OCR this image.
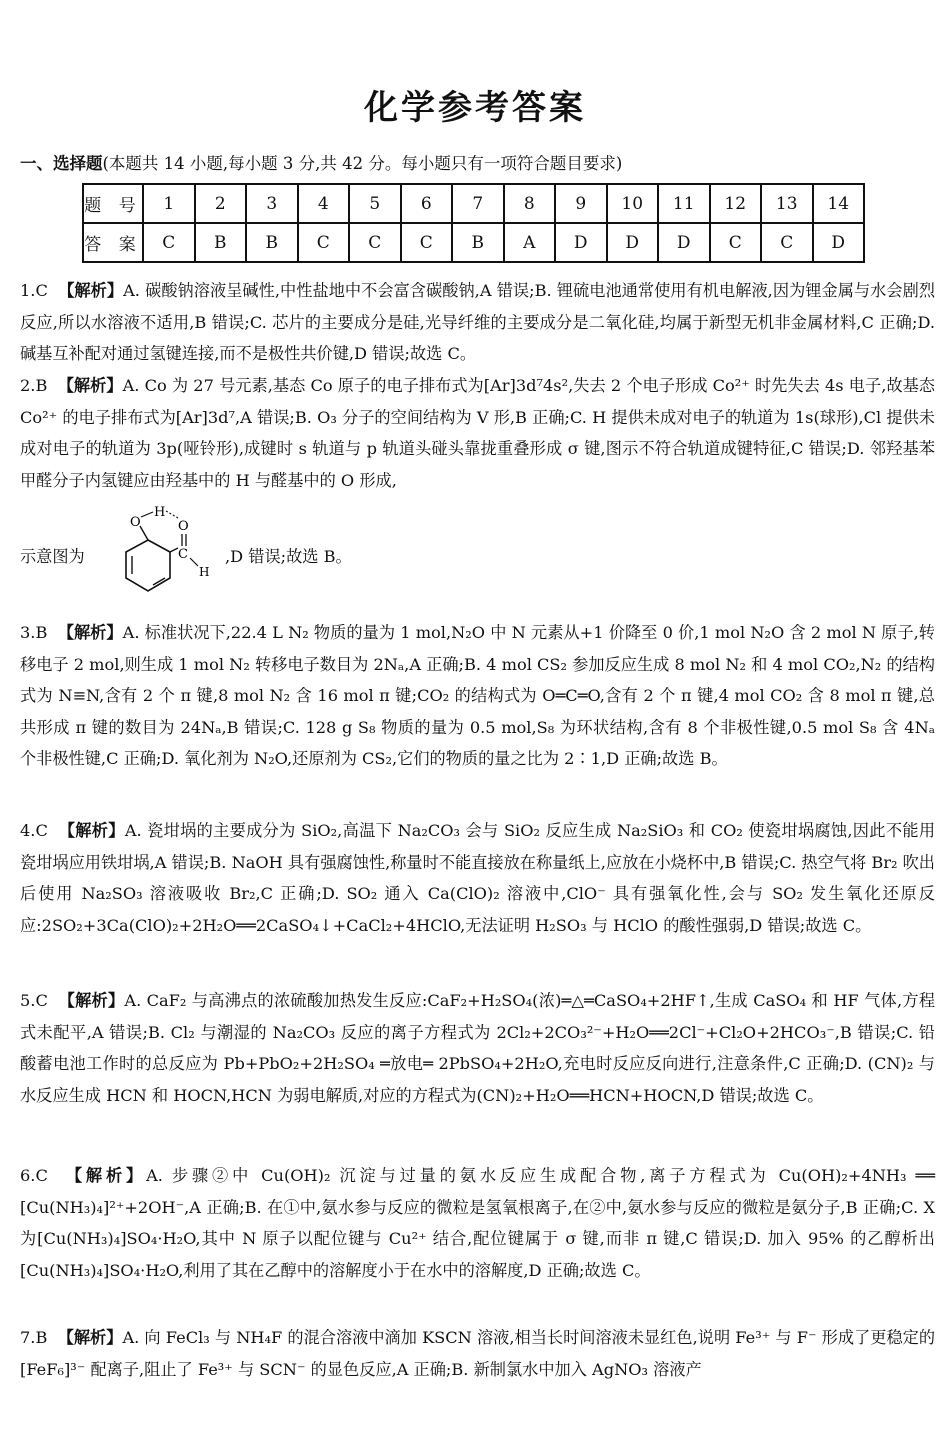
化学参考答案
一、选择题(本题共 14 小题,每小题 3 分,共 42 分。每小题只有一项符合题目要求)
题 号	1	2	3	4	5	6	7	8	9	10	11	12	13	14
答 案	C	B	B	C	C	C	B	A	D	D	D	C	C	D
1.C 【解析】A. 碳酸钠溶液呈碱性,中性盐地中不会富含碳酸钠,A 错误;B. 锂硫电池通常使用有机电解液,因为锂金属与水会剧烈反应,所以水溶液不适用,B 错误;C. 芯片的主要成分是硅,光导纤维的主要成分是二氧化硅,均属于新型无机非金属材料,C 正确;D. 碱基互补配对通过氢键连接,而不是极性共价键,D 错误;故选 C。
2.B 【解析】A. Co 为 27 号元素,基态 Co 原子的电子排布式为[Ar]3d⁷4s²,失去 2 个电子形成 Co²⁺ 时先失去 4s 电子,故基态 Co²⁺ 的电子排布式为[Ar]3d⁷,A 错误;B. O₃ 分子的空间结构为 V 形,B 正确;C. H 提供未成对电子的轨道为 1s(球形),Cl 提供未成对电子的轨道为 3p(哑铃形),成键时 s 轨道与 p 轨道头碰头靠拢重叠形成 σ 键,图示不符合轨道成键特征,C 错误;D. 邻羟基苯甲醛分子内氢键应由羟基中的 H 与醛基中的 O 形成,
示意图为
O
H
O
C
H
,D 错误;故选 B。
3.B 【解析】A. 标准状况下,22.4 L N₂ 物质的量为 1 mol,N₂O 中 N 元素从+1 价降至 0 价,1 mol N₂O 含 2 mol N 原子,转移电子 2 mol,则生成 1 mol N₂ 转移电子数目为 2Nₐ,A 正确;B. 4 mol CS₂ 参加反应生成 8 mol N₂ 和 4 mol CO₂,N₂ 的结构式为 N≡N,含有 2 个 π 键,8 mol N₂ 含 16 mol π 键;CO₂ 的结构式为 O═C═O,含有 2 个 π 键,4 mol CO₂ 含 8 mol π 键,总共形成 π 键的数目为 24Nₐ,B 错误;C. 128 g S₈ 物质的量为 0.5 mol,S₈ 为环状结构,含有 8 个非极性键,0.5 mol S₈ 含 4Nₐ 个非极性键,C 正确;D. 氧化剂为 N₂O,还原剂为 CS₂,它们的物质的量之比为 2∶1,D 正确;故选 B。
4.C 【解析】A. 瓷坩埚的主要成分为 SiO₂,高温下 Na₂CO₃ 会与 SiO₂ 反应生成 Na₂SiO₃ 和 CO₂ 使瓷坩埚腐蚀,因此不能用瓷坩埚应用铁坩埚,A 错误;B. NaOH 具有强腐蚀性,称量时不能直接放在称量纸上,应放在小烧杯中,B 错误;C. 热空气将 Br₂ 吹出后使用 Na₂SO₃ 溶液吸收 Br₂,C 正确;D. SO₂ 通入 Ca(ClO)₂ 溶液中,ClO⁻ 具有强氧化性,会与 SO₂ 发生氧化还原反应:2SO₂+3Ca(ClO)₂+2H₂O══2CaSO₄↓+CaCl₂+4HClO,无法证明 H₂SO₃ 与 HClO 的酸性强弱,D 错误;故选 C。
5.C 【解析】A. CaF₂ 与高沸点的浓硫酸加热发生反应:CaF₂+H₂SO₄(浓)═△═CaSO₄+2HF↑,生成 CaSO₄ 和 HF 气体,方程式未配平,A 错误;B. Cl₂ 与潮湿的 Na₂CO₃ 反应的离子方程式为 2Cl₂+2CO₃²⁻+H₂O══2Cl⁻+Cl₂O+2HCO₃⁻,B 错误;C. 铅酸蓄电池工作时的总反应为 Pb+PbO₂+2H₂SO₄ ═放电═ 2PbSO₄+2H₂O,充电时反应反向进行,注意条件,C 正确;D. (CN)₂ 与水反应生成 HCN 和 HOCN,HCN 为弱电解质,对应的方程式为(CN)₂+H₂O══HCN+HOCN,D 错误;故选 C。
6.C 【解析】A. 步骤②中 Cu(OH)₂ 沉淀与过量的氨水反应生成配合物,离子方程式为 Cu(OH)₂+4NH₃ ══ [Cu(NH₃)₄]²⁺+2OH⁻,A 正确;B. 在①中,氨水参与反应的微粒是氢氧根离子,在②中,氨水参与反应的微粒是氨分子,B 正确;C. X 为[Cu(NH₃)₄]SO₄·H₂O,其中 N 原子以配位键与 Cu²⁺ 结合,配位键属于 σ 键,而非 π 键,C 错误;D. 加入 95% 的乙醇析出[Cu(NH₃)₄]SO₄·H₂O,利用了其在乙醇中的溶解度小于在水中的溶解度,D 正确;故选 C。
7.B 【解析】A. 向 FeCl₃ 与 NH₄F 的混合溶液中滴加 KSCN 溶液,相当长时间溶液未显红色,说明 Fe³⁺ 与 F⁻ 形成了更稳定的[FeF₆]³⁻ 配离子,阻止了 Fe³⁺ 与 SCN⁻ 的显色反应,A 正确;B. 新制氯水中加入 AgNO₃ 溶液产
